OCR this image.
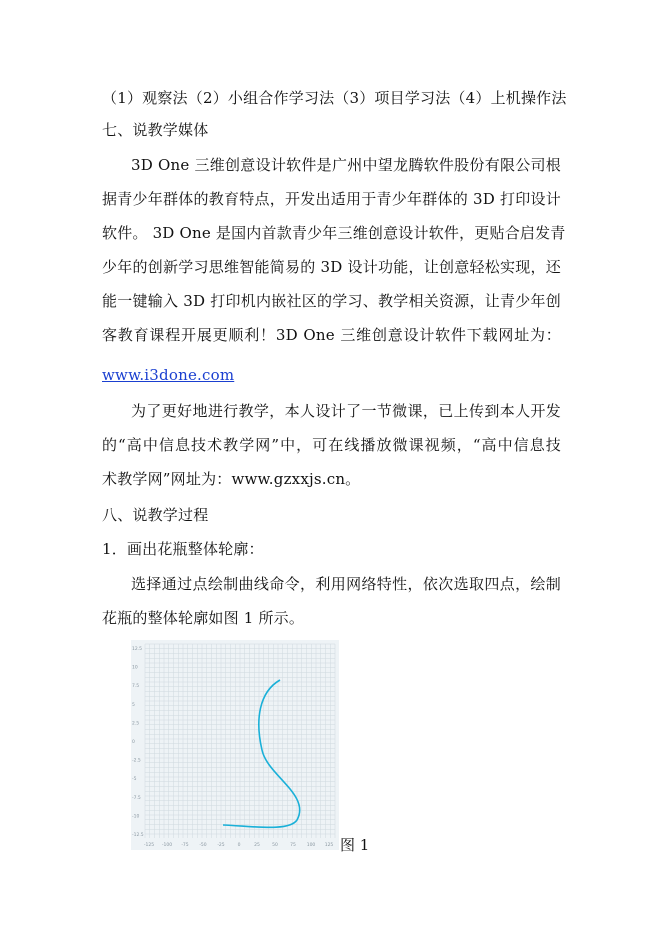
（1）观察法（2）小组合作学习法（3）项目学习法（4）上机操作法
七、说教学媒体
3D One 三维创意设计软件是广州中望龙腾软件股份有限公司根
据青少年群体的教育特点，开发出适用于青少年群体的 3D 打印设计
软件。 3D One 是国内首款青少年三维创意设计软件，更贴合启发青
少年的创新学习思维智能简易的 3D 设计功能，让创意轻松实现，还
能一键输入 3D 打印机内嵌社区的学习、教学相关资源，让青少年创
客教育课程开展更顺利！3D One 三维创意设计软件下载网址为：
www.i3done.com
为了更好地进行教学，本人设计了一节微课，已上传到本人开发
的“高中信息技术教学网”中，可在线播放微课视频，“高中信息技
术教学网”网址为：www.gzxxjs.cn。
八、说教学过程
1．画出花瓶整体轮廓：
选择通过点绘制曲线命令，利用网络特性，依次选取四点，绘制
花瓶的整体轮廓如图 1 所示。
12.5
10
7.5
5
2.5
0
-2.5
-5
-7.5
-10
-12.5
-125 -100 -75 -50 -25	0	25	50	75 100 125 图 1
